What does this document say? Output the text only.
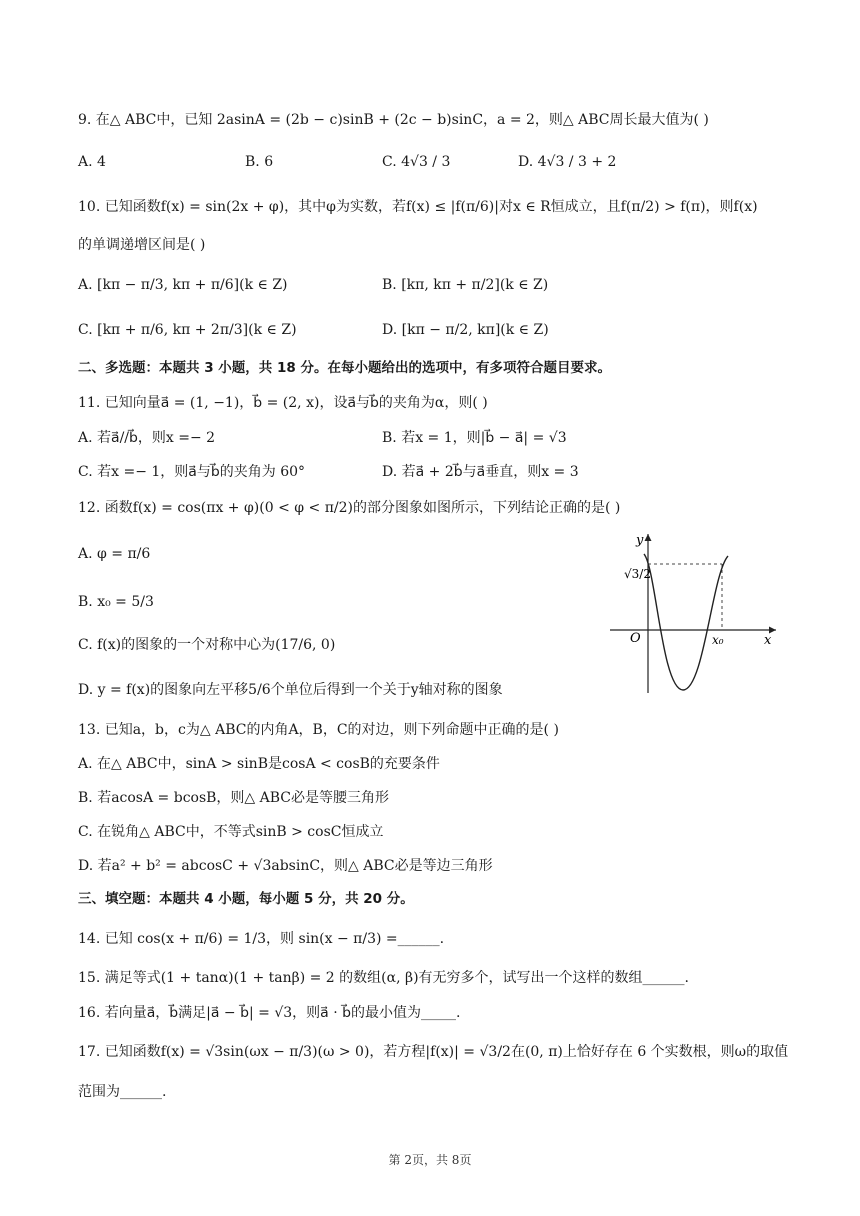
9. 在△ ABC中，已知 2asinA = (2b − c)sinB + (2c − b)sinC，a = 2，则△ ABC周长最大值为( )
A. 4	B. 6	C. 4√3 / 3	D. 4√3 / 3 + 2
10. 已知函数f(x) = sin(2x + φ)，其中φ为实数，若f(x) ≤ |f(π/6)|对x ∈ R恒成立，且f(π/2) > f(π)，则f(x)
的单调递增区间是( )
A. [kπ − π/3, kπ + π/6](k ∈ Z)	B. [kπ, kπ + π/2](k ∈ Z)
C. [kπ + π/6, kπ + 2π/3](k ∈ Z)	D. [kπ − π/2, kπ](k ∈ Z)
二、多选题：本题共 3 小题，共 18 分。在每小题给出的选项中，有多项符合题目要求。
11. 已知向量a⃗ = (1, −1)，b⃗ = (2, x)，设a⃗与b⃗的夹角为α，则( )
A. 若a⃗//b⃗，则x =− 2	B. 若x = 1，则|b⃗ − a⃗| = √3
C. 若x =− 1，则a⃗与b⃗的夹角为 60°	D. 若a⃗ + 2b⃗与a⃗垂直，则x = 3
12. 函数f(x) = cos(πx + φ)(0 < φ < π/2)的部分图象如图所示，下列结论正确的是( )
A. φ = π/6
B. x₀ = 5/3
C. f(x)的图象的一个对称中心为(17/6, 0)
D. y = f(x)的图象向左平移5/6个单位后得到一个关于y轴对称的图象
y
x
O
√3/2
x₀
13. 已知a，b，c为△ ABC的内角A，B，C的对边，则下列命题中正确的是( )
A. 在△ ABC中，sinA > sinB是cosA < cosB的充要条件
B. 若acosA = bcosB，则△ ABC必是等腰三角形
C. 在锐角△ ABC中，不等式sinB > cosC恒成立
D. 若a² + b² = abcosC + √3absinC，则△ ABC必是等边三角形
三、填空题：本题共 4 小题，每小题 5 分，共 20 分。
14. 已知 cos(x + π/6) = 1/3，则 sin(x − π/3) =______.
15. 满足等式(1 + tanα)(1 + tanβ) = 2 的数组(α, β)有无穷多个，试写出一个这样的数组______.
16. 若向量a⃗，b⃗满足|a⃗ − b⃗| = √3，则a⃗ · b⃗的最小值为_____.
17. 已知函数f(x) = √3sin(ωx − π/3)(ω > 0)，若方程|f(x)| = √3/2在(0, π)上恰好存在 6 个实数根，则ω的取值
范围为______.
第 2页，共 8页
